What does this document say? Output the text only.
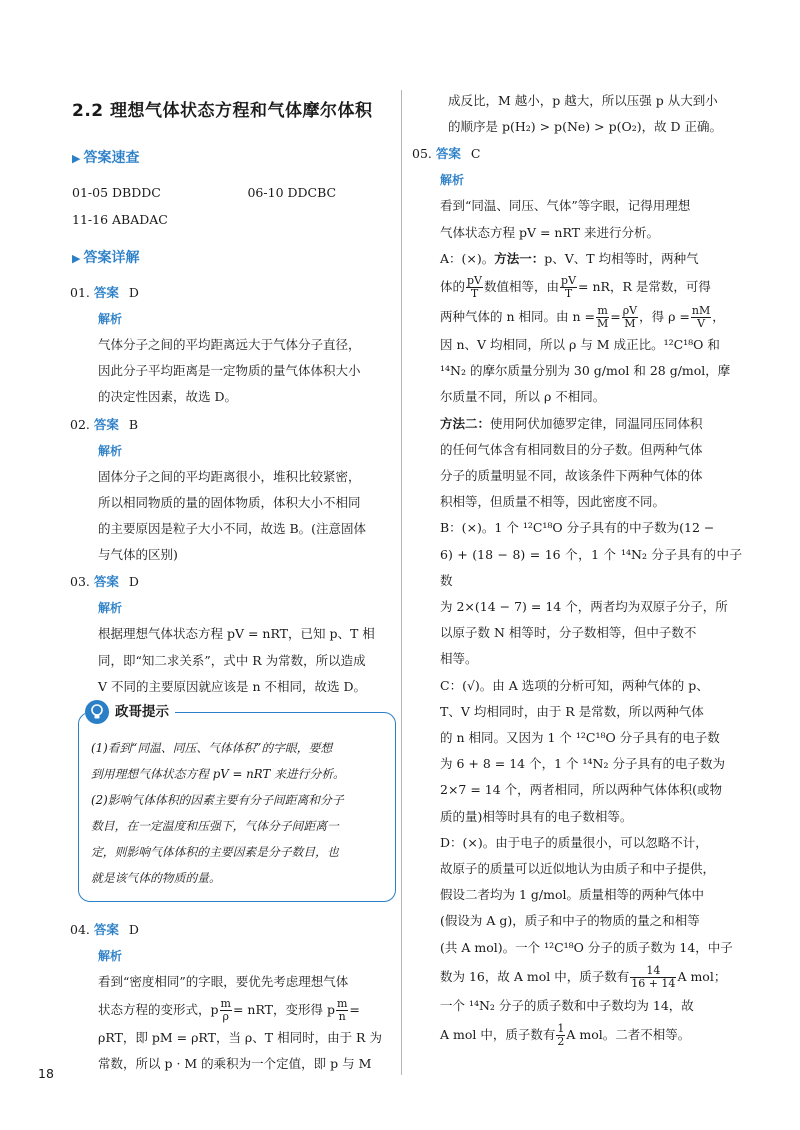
2.2 理想气体状态方程和气体摩尔体积
▶ 答案速查
01-05 DBDDC	06-10 DDCBC
11-16 ABADAC
▶ 答案详解
01. 答案 D
解析
气体分子之间的平均距离远大于气体分子直径，
因此分子平均距离是一定物质的量气体体积大小
的决定性因素，故选 D。
02. 答案 B
解析
固体分子之间的平均距离很小，堆积比较紧密，
所以相同物质的量的固体物质，体积大小不相同
的主要原因是粒子大小不同，故选 B。(注意固体
与气体的区别)
03. 答案 D
解析
根据理想气体状态方程 pV = nRT，已知 p、T 相
同，即“知二求关系”，式中 R 为常数，所以造成
V 不同的主要原因就应该是 n 不相同，故选 D。
政哥提示
(1)看到“同温、同压、气体体积”的字眼，要想
到用理想气体状态方程 pV = nRT 来进行分析。
(2)影响气体体积的因素主要有分子间距离和分子
数目，在一定温度和压强下，气体分子间距离一
定，则影响气体体积的主要因素是分子数目，也
就是该气体的物质的量。
04. 答案 D
解析
看到“密度相同”的字眼，要优先考虑理想气体
状态方程的变形式，p $\frac{m}{\rho}$ = nRT，变形得 p $\frac{m}{n}$ =
ρRT，即 pM = ρRT，当 ρ、T 相同时，由于 R 为
常数，所以 p · M 的乘积为一个定值，即 p 与 M
成反比，M 越小，p 越大，所以压强 p 从大到小
的顺序是 p(H₂) > p(Ne) > p(O₂)，故 D 正确。
05. 答案 C
解析
看到“同温、同压、气体”等字眼，记得用理想
气体状态方程 pV = nRT 来进行分析。
A：(×)。方法一：p、V、T 均相等时，两种气
体的 $\frac{pV}{T}$ 数值相等，由 $\frac{pV}{T}$ = nR，R 是常数，可得
两种气体的 n 相同。由 $n = \frac{m}{M} = \frac{\rho V}{M}$ ，得 $\rho = \frac{nM}{V}$ ，
因 n、V 均相同，所以 ρ 与 M 成正比。¹²C¹⁸O 和
¹⁴N₂ 的摩尔质量分别为 30 g/mol 和 28 g/mol，摩
尔质量不同，所以 ρ 不相同。
方法二：使用阿伏加德罗定律，同温同压同体积
的任何气体含有相同数目的分子数。但两种气体
分子的质量明显不同，故该条件下两种气体的体
积相等，但质量不相等，因此密度不同。
B：(×)。1 个 ¹²C¹⁸O 分子具有的中子数为(12 −
6) + (18 − 8) = 16 个，1 个 ¹⁴N₂ 分子具有的中子数
为 2×(14 − 7) = 14 个，两者均为双原子分子，所
以原子数 N 相等时，分子数相等，但中子数不
相等。
C：(√)。由 A 选项的分析可知，两种气体的 p、
T、V 均相同时，由于 R 是常数，所以两种气体
的 n 相同。又因为 1 个 ¹²C¹⁸O 分子具有的电子数
为 6 + 8 = 14 个，1 个 ¹⁴N₂ 分子具有的电子数为
2×7 = 14 个，两者相同，所以两种气体体积(或物
质的量)相等时具有的电子数相等。
D：(×)。由于电子的质量很小，可以忽略不计，
故原子的质量可以近似地认为由质子和中子提供，
假设二者均为 1 g/mol。质量相等的两种气体中
(假设为 A g)，质子和中子的物质的量之和相等
(共 A mol)。一个 ¹²C¹⁸O 分子的质子数为 14，中子
数为 16，故 A mol 中，质子数有 $\frac{14}{16 + 14}$ A mol；
一个 ¹⁴N₂ 分子的质子数和中子数均为 14，故
A mol 中，质子数有 $\frac{1}{2}$ A mol。二者不相等。
18
